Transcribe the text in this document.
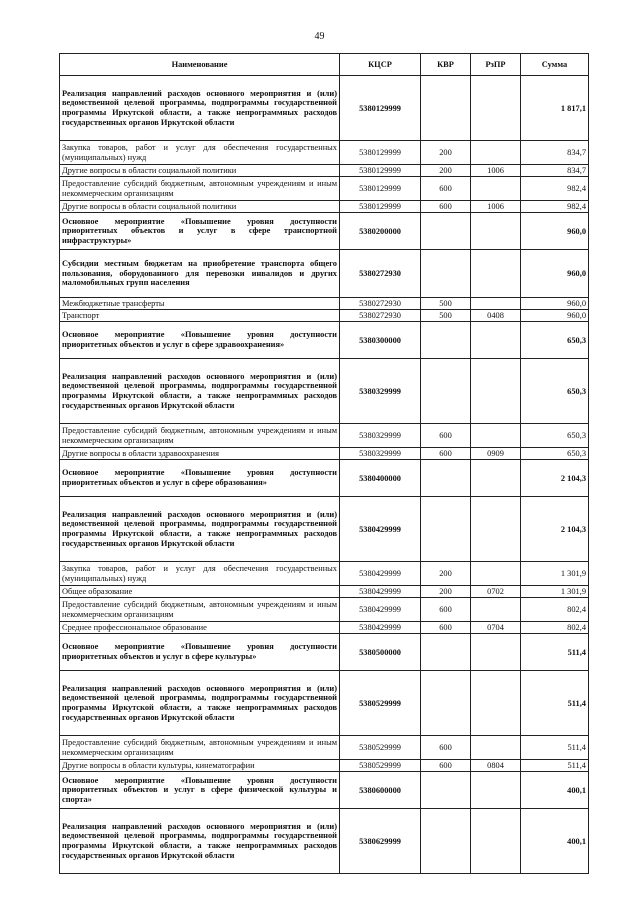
49
Наименование	КЦСР	КВР	РзПР	Сумма
Реализация направлений расходов основного мероприятия и (или) ведомственной целевой программы, подпрограммы государственной программы Иркутской области, а также непрограммных расходов государственных органов Иркутской области	5380129999			1 817,1
Закупка товаров, работ и услуг для обеспечения государственных (муниципальных) нужд	5380129999	200		834,7
Другие вопросы в области социальной политики	5380129999	200	1006	834,7
Предоставление субсидий бюджетным, автономным учреждениям и иным некоммерческим организациям	5380129999	600		982,4
Другие вопросы в области социальной политики	5380129999	600	1006	982,4
Основное мероприятие «Повышение уровня доступности приоритетных объектов и услуг в сфере транспортной инфраструктуры»	5380200000			960,0
Субсидии местным бюджетам на приобретение транспорта общего пользования, оборудованного для перевозки инвалидов и других маломобильных групп населения	5380272930			960,0
Межбюджетные трансферты	5380272930	500		960,0
Транспорт	5380272930	500	0408	960,0
Основное мероприятие «Повышение уровня доступности приоритетных объектов и услуг в сфере здравоохранения»	5380300000			650,3
Реализация направлений расходов основного мероприятия и (или) ведомственной целевой программы, подпрограммы государственной программы Иркутской области, а также непрограммных расходов государственных органов Иркутской области	5380329999			650,3
Предоставление субсидий бюджетным, автономным учреждениям и иным некоммерческим организациям	5380329999	600		650,3
Другие вопросы в области здравоохранения	5380329999	600	0909	650,3
Основное мероприятие «Повышение уровня доступности приоритетных объектов и услуг в сфере образования»	5380400000			2 104,3
Реализация направлений расходов основного мероприятия и (или) ведомственной целевой программы, подпрограммы государственной программы Иркутской области, а также непрограммных расходов государственных органов Иркутской области	5380429999			2 104,3
Закупка товаров, работ и услуг для обеспечения государственных (муниципальных) нужд	5380429999	200		1 301,9
Общее образование	5380429999	200	0702	1 301,9
Предоставление субсидий бюджетным, автономным учреждениям и иным некоммерческим организациям	5380429999	600		802,4
Среднее профессиональное образование	5380429999	600	0704	802,4
Основное мероприятие «Повышение уровня доступности приоритетных объектов и услуг в сфере культуры»	5380500000			511,4
Реализация направлений расходов основного мероприятия и (или) ведомственной целевой программы, подпрограммы государственной программы Иркутской области, а также непрограммных расходов государственных органов Иркутской области	5380529999			511,4
Предоставление субсидий бюджетным, автономным учреждениям и иным некоммерческим организациям	5380529999	600		511,4
Другие вопросы в области культуры, кинематографии	5380529999	600	0804	511,4
Основное мероприятие «Повышение уровня доступности приоритетных объектов и услуг в сфере физической культуры и спорта»	5380600000			400,1
Реализация направлений расходов основного мероприятия и (или) ведомственной целевой программы, подпрограммы государственной программы Иркутской области, а также непрограммных расходов государственных органов Иркутской области	5380629999			400,1
